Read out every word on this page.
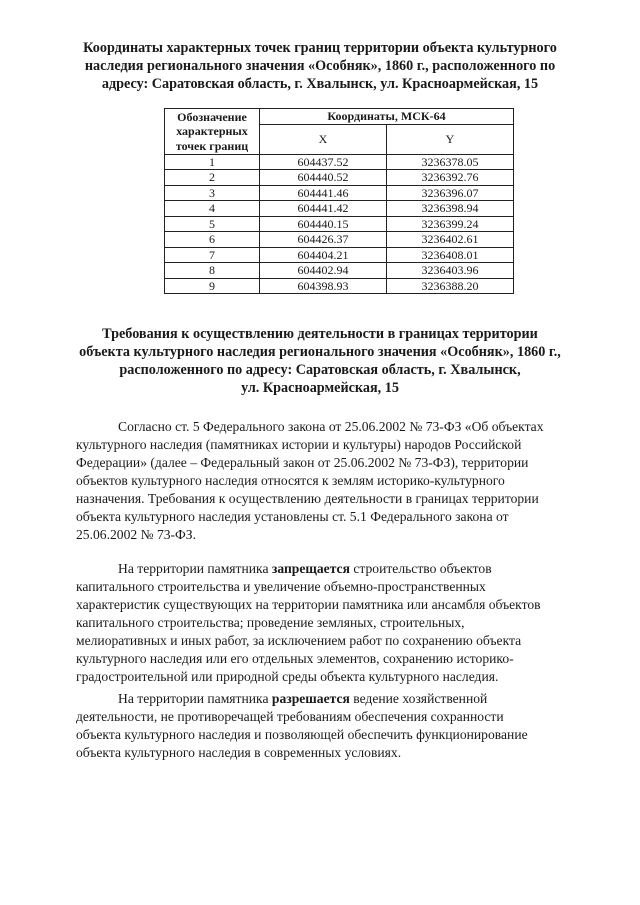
Координаты характерных точек границ территории объекта культурного
наследия регионального значения «Особняк», 1860 г., расположенного по
адресу: Саратовская область, г. Хвалынск, ул. Красноармейская, 15
Обозначение
характерных
точек границ	Координаты, МСК-64	
	X	Y
1	604437.52	3236378.05
2	604440.52	3236392.76
3	604441.46	3236396.07
4	604441.42	3236398.94
5	604440.15	3236399.24
6	604426.37	3236402.61
7	604404.21	3236408.01
8	604402.94	3236403.96
9	604398.93	3236388.20
Требования к осуществлению деятельности в границах территории
объекта культурного наследия регионального значения «Особняк», 1860 г.,
расположенного по адресу: Саратовская область, г. Хвалынск,
ул. Красноармейская, 15
Согласно ст. 5 Федерального закона от 25.06.2002 № 73-ФЗ «Об объектах
культурного наследия (памятниках истории и культуры) народов Российской
Федерации» (далее – Федеральный закон от 25.06.2002 № 73-ФЗ), территории
объектов культурного наследия относятся к землям историко-культурного
назначения. Требования к осуществлению деятельности в границах территории
объекта культурного наследия установлены ст. 5.1 Федерального закона от
25.06.2002 № 73-ФЗ.
На территории памятника запрещается строительство объектов
капитального строительства и увеличение объемно-пространственных
характеристик существующих на территории памятника или ансамбля объектов
капитального строительства; проведение земляных, строительных,
мелиоративных и иных работ, за исключением работ по сохранению объекта
культурного наследия или его отдельных элементов, сохранению историко-
градостроительной или природной среды объекта культурного наследия.
На территории памятника разрешается ведение хозяйственной
деятельности, не противоречащей требованиям обеспечения сохранности
объекта культурного наследия и позволяющей обеспечить функционирование
объекта культурного наследия в современных условиях.
